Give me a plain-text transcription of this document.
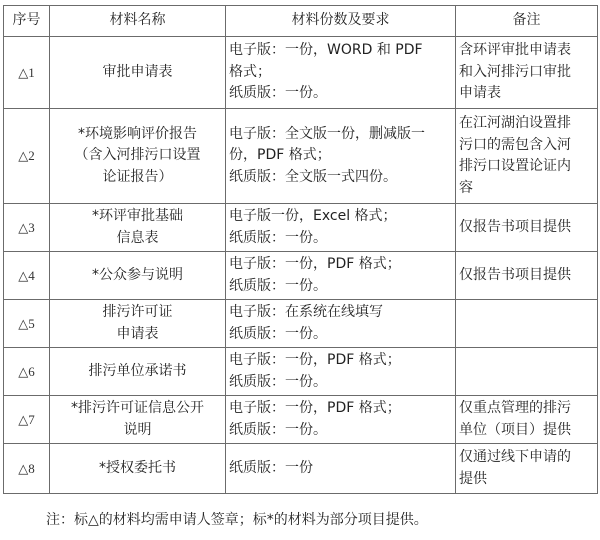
序号	材料名称	材料份数及要求	备注
△1	审批申请表	电子版：一份，WORD 和 PDF
格式；
纸质版：一份。	含环评审批申请表
和入河排污口审批
申请表

△2	*环境影响评价报告
（含入河排污口设置
论证报告）	电子版：全文版一份，删减版一
份，PDF 格式；
纸质版：全文版一式四份。	在江河湖泊设置排
污口的需包含入河
排污口设置论证内
容

△3	*环评审批基础
信息表	电子版一份，Excel 格式；
纸质版：一份。	仅报告书项目提供

△4	*公众参与说明	电子版：一份，PDF 格式；
纸质版：一份。	仅报告书项目提供

△5	排污许可证
申请表	电子版：在系统在线填写
纸质版：一份。	

△6	排污单位承诺书	电子版：一份，PDF 格式；
纸质版：一份。	

△7	*排污许可证信息公开
说明	电子版：一份，PDF 格式；
纸质版：一份。	仅重点管理的排污
单位（项目）提供

△8	*授权委托书	纸质版：一份	仅通过线下申请的
提供
注：标△的材料均需申请人签章；标*的材料为部分项目提供。
